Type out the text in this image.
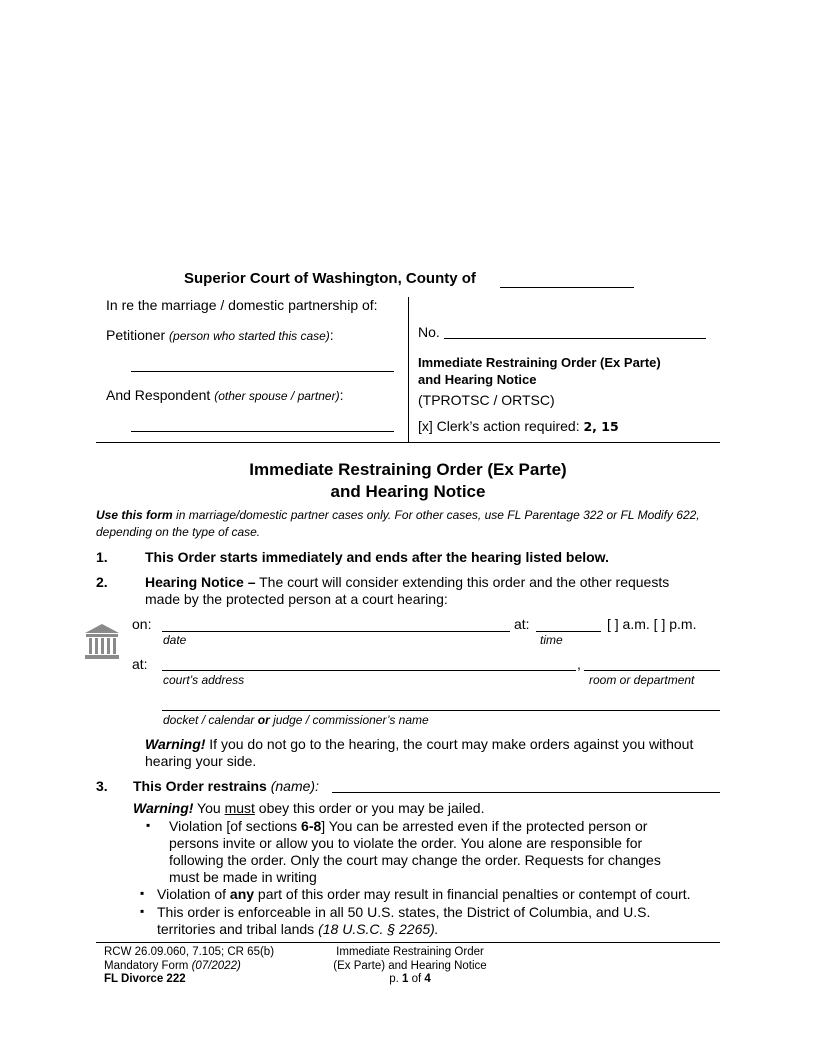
Superior Court of Washington, County of
In re the marriage / domestic partnership of:
Petitioner (person who started this case):
And Respondent (other spouse / partner):
No.
Immediate Restraining Order (Ex Parte)
and Hearing Notice
(TPROTSC / ORTSC)
[x] Clerk’s action required: 2, 15
Immediate Restraining Order (Ex Parte)
and Hearing Notice
Use this form in marriage/domestic partner cases only. For other cases, use FL Parentage 322 or FL Modify 622,
depending on the type of case.
1.	This Order starts immediately and ends after the hearing listed below.
2.	Hearing Notice – The court will consider extending this order and the other requests
made by the protected person at a court hearing:
on:	at:	[ ] a.m. [ ] p.m.
date	time
at:	,
court’s address	room or department
docket / calendar or judge / commissioner’s name
Warning! If you do not go to the hearing, the court may make orders against you without
hearing your side.
3. This Order restrains (name):
Warning! You must obey this order or you may be jailed.
▪ Violation [of sections 6-8] You can be arrested even if the protected person or
persons invite or allow you to violate the order. You alone are responsible for
following the order. Only the court may change the order. Requests for changes
must be made in writing
▪ Violation of any part of this order may result in financial penalties or contempt of court.
▪ This order is enforceable in all 50 U.S. states, the District of Columbia, and U.S.
territories and tribal lands (18 U.S.C. § 2265).
RCW 26.09.060, 7.105; CR 65(b)
Mandatory Form (07/2022)
FL Divorce 222
Immediate Restraining Order
(Ex Parte) and Hearing Notice
p. 1 of 4
